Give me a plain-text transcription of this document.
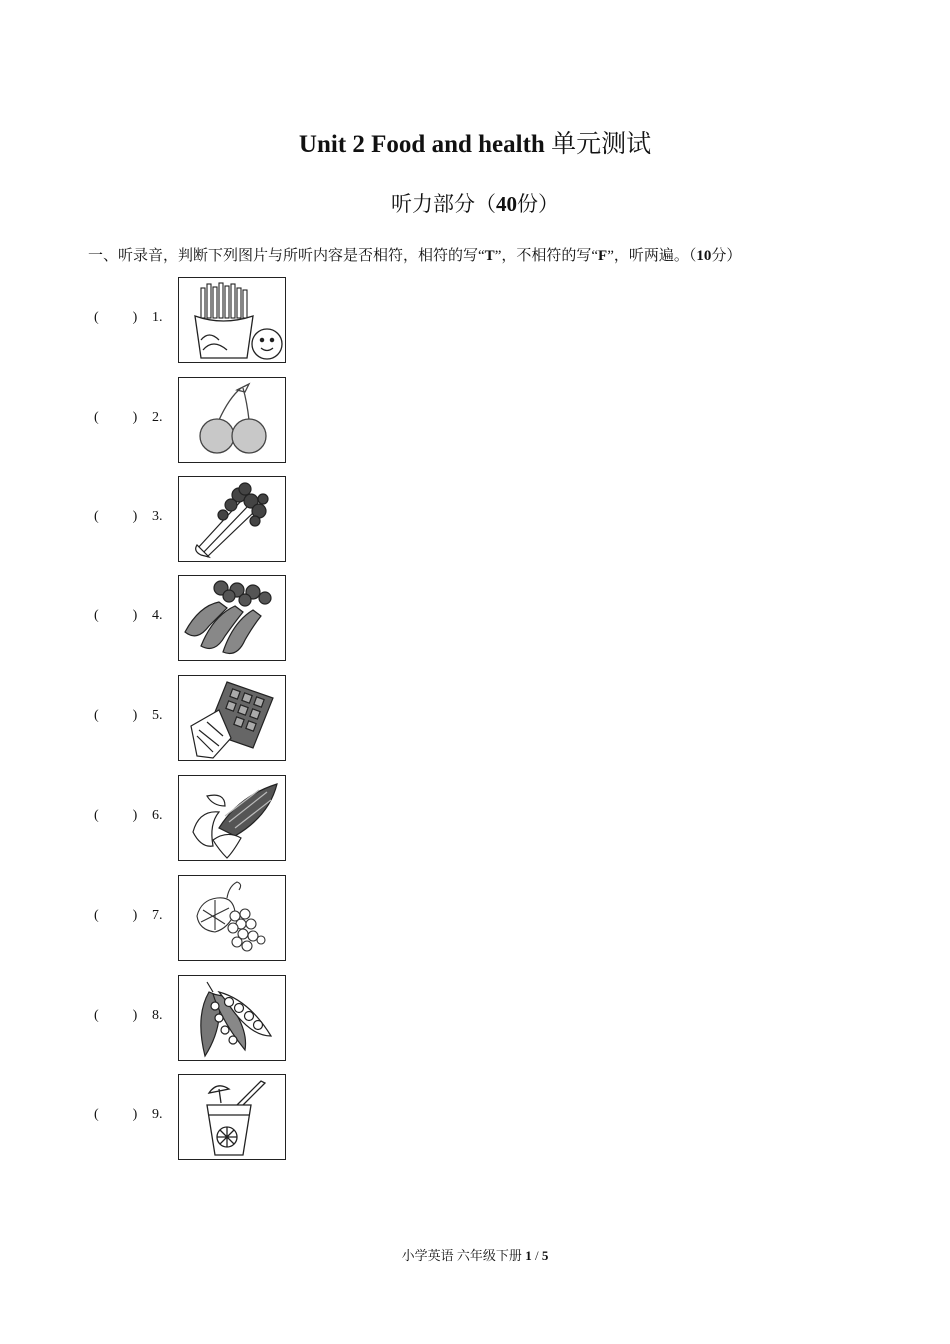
Unit 2 Food and health 单元测试
听力部分（40份）
一、听录音，判断下列图片与所听内容是否相符，相符的写“T”，不相符的写“F”，听两遍。（10分）
( ) 1.
( ) 2.
( ) 3.
( ) 4.
( ) 5.
( ) 6.
( ) 7.
( ) 8.
( ) 9.
小学英语 六年级下册 1 / 5
